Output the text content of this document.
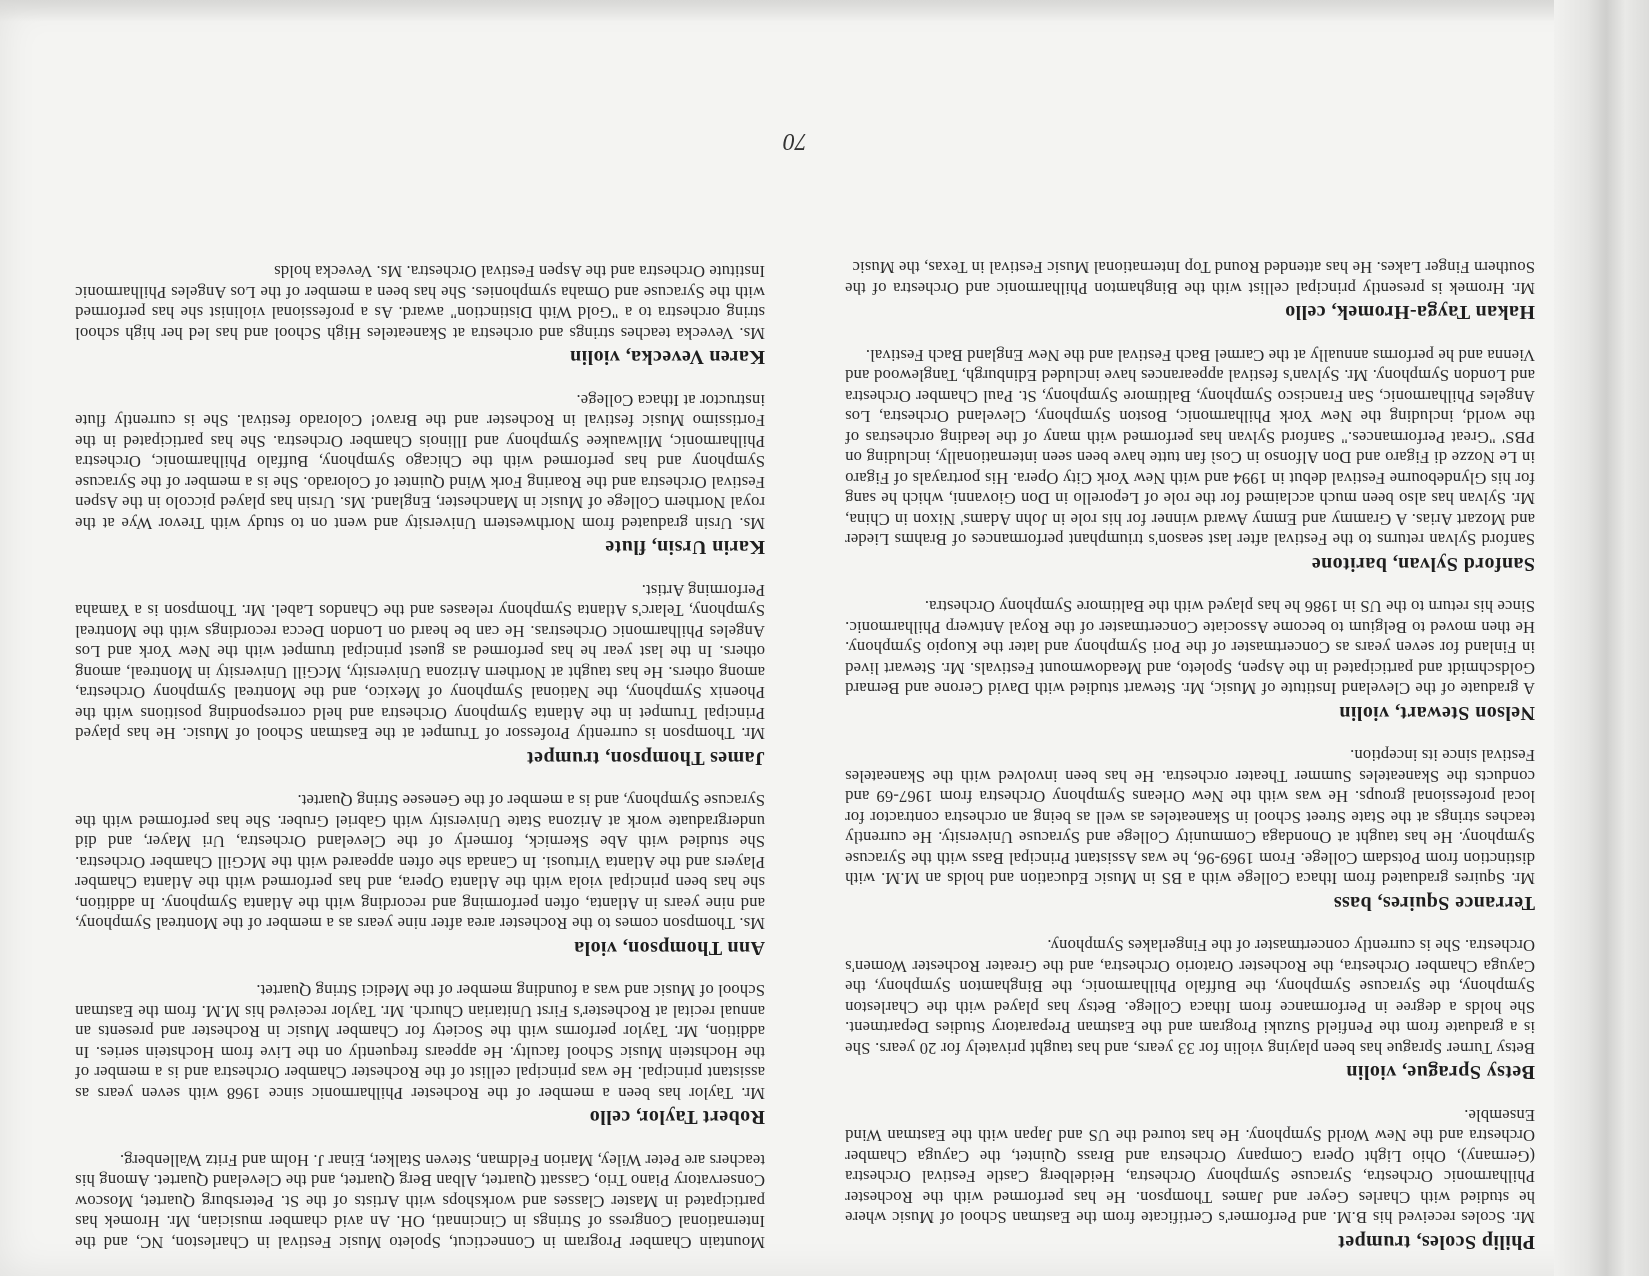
Philip Scoles, trumpet

Mr. Scoles received his B.M. and Performer's Certificate from the Eastman School of Music where he studied with Charles Geyer and James Thompson. He has performed with the Rochester Philharmonic Orchestra, Syracuse Symphony Orchestra, Heidelberg Castle Festival Orchestra (Germany), Ohio Light Opera Company Orchestra and Brass Quintet, the Cayuga Chamber Orchestra and the New World Symphony. He has toured the US and Japan with the Eastman Wind Ensemble.

Betsy Sprague, violin

Betsy Turner Sprague has been playing violin for 33 years, and has taught privately for 20 years. She is a graduate from the Penfield Suzuki Program and the Eastman Preparatory Studies Department. She holds a degree in Performance from Ithaca College. Betsy has played with the Charleston Symphony, the Syracuse Symphony, the Buffalo Philharmonic, the Binghamton Symphony, the Cayuga Chamber Orchestra, the Rochester Oratorio Orchestra, and the Greater Rochester Women's Orchestra. She is currently concertmaster of the Fingerlakes Symphony.

Terrance Squires, bass

Mr. Squires graduated from Ithaca College with a BS in Music Education and holds an M.M. with distinction from Potsdam College. From 1969-96, he was Assistant Principal Bass with the Syracuse Symphony. He has taught at Onondaga Community College and Syracuse University. He currently teaches strings at the State Street School in Skaneateles as well as being an orchestra contractor for local professional groups. He was with the New Orleans Symphony Orchestra from 1967-69 and conducts the Skaneateles Summer Theater orchestra. He has been involved with the Skaneateles Festival since its inception.

Nelson Stewart, violin

A graduate of the Cleveland Institute of Music, Mr. Stewart studied with David Cerone and Bernard Goldschmidt and participated in the Aspen, Spoleto, and Meadowmount Festivals. Mr. Stewart lived in Finland for seven years as Concertmaster of the Pori Symphony and later the Kuopio Symphony. He then moved to Belgium to become Associate Concertmaster of the Royal Antwerp Philharmonic. Since his return to the US in 1986 he has played with the Baltimore Symphony Orchestra.

Sanford Sylvan, baritone

Sanford Sylvan returns to the Festival after last season's triumphant performances of Brahms Lieder and Mozart Arias. A Grammy and Emmy Award winner for his role in John Adams' Nixon in China, Mr. Sylvan has also been much acclaimed for the role of Leporello in Don Giovanni, which he sang for his Glyndebourne Festival debut in 1994 and with New York City Opera. His portrayals of Figaro in Le Nozze di Figaro and Don Alfonso in Così fan tutte have been seen internationally, including on PBS' "Great Performances." Sanford Sylvan has performed with many of the leading orchestras of the world, including the New York Philharmonic, Boston Symphony, Cleveland Orchestra, Los Angeles Philharmonic, San Francisco Symphony, Baltimore Symphony, St. Paul Chamber Orchestra and London Symphony. Mr. Sylvan's festival appearances have included Edinburgh, Tanglewood and Vienna and he performs annually at the Carmel Bach Festival and the New England Bach Festival.

Hakan Tayga-Hromek, cello

Mr. Hromek is presently principal cellist with the Binghamton Philharmonic and Orchestra of the Southern Finger Lakes. He has attended Round Top International Music Festival in Texas, the Music

Mountain Chamber Program in Connecticut, Spoleto Music Festival in Charleston, NC, and the International Congress of Strings in Cincinnati, OH. An avid chamber musician, Mr. Hromek has participated in Master Classes and workshops with Artists of the St. Petersburg Quartet, Moscow Conservatory Piano Trio, Cassatt Quartet, Alban Berg Quartet, and the Cleveland Quartet. Among his teachers are Peter Wiley, Marion Feldman, Steven Stalker, Einar J. Holm and Fritz Wallenberg.

Robert Taylor, cello

Mr. Taylor has been a member of the Rochester Philharmonic since 1968 with seven years as assistant principal. He was principal cellist of the Rochester Chamber Orchestra and is a member of the Hochstein Music School faculty. He appears frequently on the Live from Hochstein series. In addition, Mr. Taylor performs with the Society for Chamber Music in Rochester and presents an annual recital at Rochester's First Unitarian Church. Mr. Taylor received his M.M. from the Eastman School of Music and was a founding member of the Medici String Quartet.

Ann Thompson, viola

Ms. Thompson comes to the Rochester area after nine years as a member of the Montreal Symphony, and nine years in Atlanta, often performing and recording with the Atlanta Symphony. In addition, she has been principal viola with the Atlanta Opera, and has performed with the Atlanta Chamber Players and the Atlanta Virtuosi. In Canada she often appeared with the McGill Chamber Orchestra. She studied with Abe Skernick, formerly of the Cleveland Orchestra, Uri Mayer, and did undergraduate work at Arizona State University with Gabriel Gruber. She has performed with the Syracuse Symphony, and is a member of the Genesee String Quartet.

James Thompson, trumpet

Mr. Thompson is currently Professor of Trumpet at the Eastman School of Music. He has played Principal Trumpet in the Atlanta Symphony Orchestra and held corresponding positions with the Phoenix Symphony, the National Symphony of Mexico, and the Montreal Symphony Orchestra, among others. He has taught at Northern Arizona University, McGill University in Montreal, among others. In the last year he has performed as guest principal trumpet with the New York and Los Angeles Philharmonic Orchestras. He can be heard on London Decca recordings with the Montreal Symphony, Telarc's Atlanta Symphony releases and the Chandos Label. Mr. Thompson is a Yamaha Performing Artist.

Karin Ursin, flute

Ms. Ursin graduated from Northwestern University and went on to study with Trevor Wye at the royal Northern College of Music in Manchester, England. Ms. Ursin has played piccolo in the Aspen Festival Orchestra and the Roaring Fork Wind Quintet of Colorado. She is a member of the Syracuse Symphony and has performed with the Chicago Symphony, Buffalo Philharmonic, Orchestra Philharmonic, Milwaukee Symphony and Illinois Chamber Orchestra. She has participated in the Fortissimo Music festival in Rochester and the Bravo! Colorado festival. She is currently flute instructor at Ithaca College.

Karen Vevecka, violin

Ms. Vevecka teaches strings and orchestra at Skaneateles High School and has led her high school string orchestra to a "Gold With Distinction" award. As a professional violinist she has performed with the Syracuse and Omaha symphonies. She has been a member of the Los Angeles Philharmonic Institute Orchestra and the Aspen Festival Orchestra. Ms. Vevecka holds

70
